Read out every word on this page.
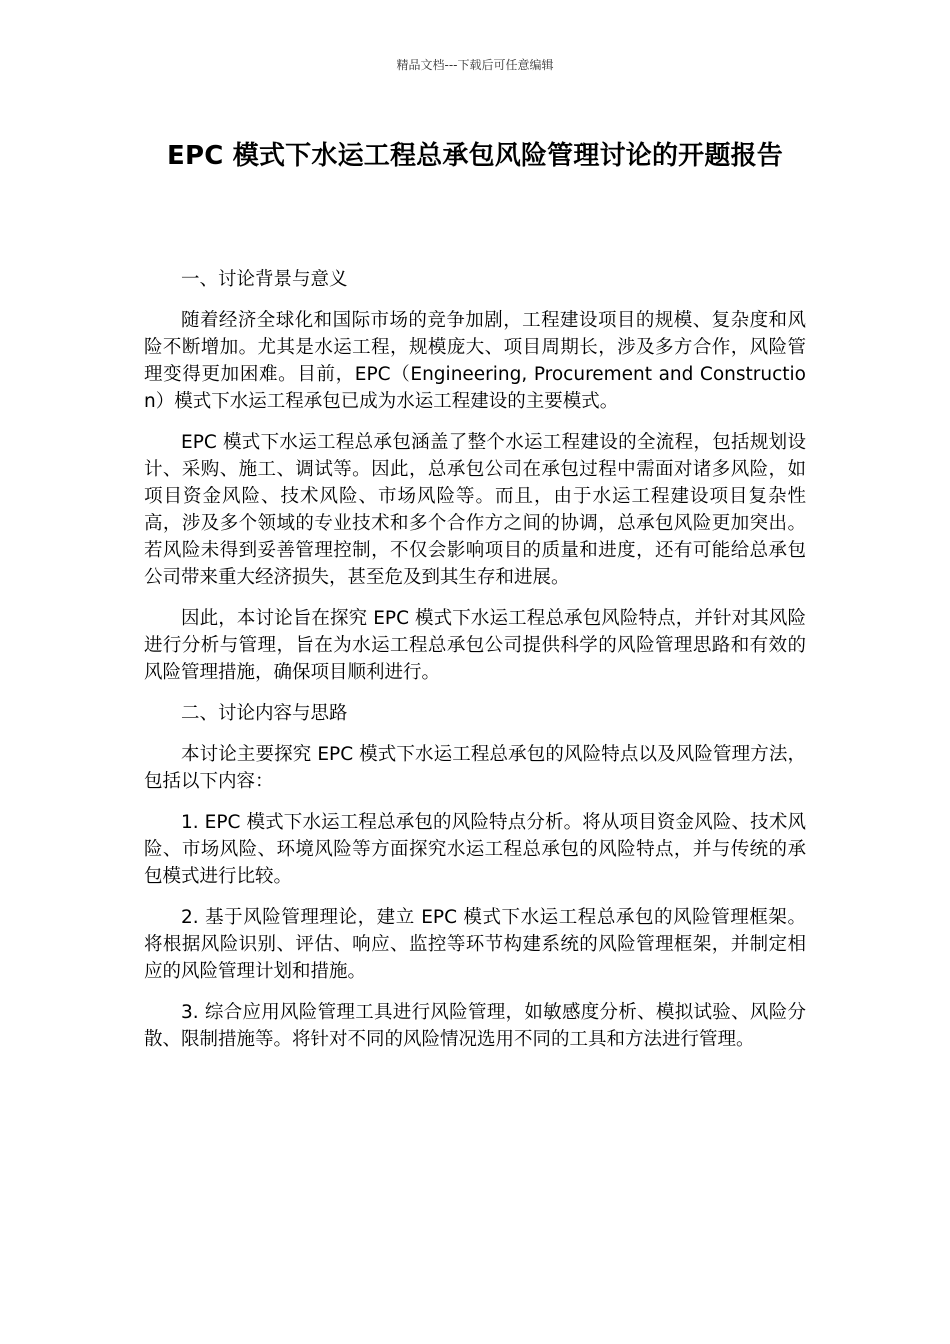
精品文档---下载后可任意编辑
EPC 模式下水运工程总承包风险管理讨论的开题报告

一、讨论背景与意义

随着经济全球化和国际市场的竞争加剧，工程建设项目的规模、复杂度和风险不断增加。尤其是水运工程，规模庞大、项目周期长，涉及多方合作，风险管理变得更加困难。目前，EPC（Engineering, Procurement and Construction）模式下水运工程承包已成为水运工程建设的主要模式。

EPC 模式下水运工程总承包涵盖了整个水运工程建设的全流程，包括规划设计、采购、施工、调试等。因此，总承包公司在承包过程中需面对诸多风险，如项目资金风险、技术风险、市场风险等。而且，由于水运工程建设项目复杂性高，涉及多个领域的专业技术和多个合作方之间的协调，总承包风险更加突出。若风险未得到妥善管理控制，不仅会影响项目的质量和进度，还有可能给总承包公司带来重大经济损失，甚至危及到其生存和进展。

因此，本讨论旨在探究 EPC 模式下水运工程总承包风险特点，并针对其风险进行分析与管理，旨在为水运工程总承包公司提供科学的风险管理思路和有效的风险管理措施，确保项目顺利进行。

二、讨论内容与思路

本讨论主要探究 EPC 模式下水运工程总承包的风险特点以及风险管理方法，包括以下内容：

1. EPC 模式下水运工程总承包的风险特点分析。将从项目资金风险、技术风险、市场风险、环境风险等方面探究水运工程总承包的风险特点，并与传统的承包模式进行比较。

2. 基于风险管理理论，建立 EPC 模式下水运工程总承包的风险管理框架。将根据风险识别、评估、响应、监控等环节构建系统的风险管理框架，并制定相应的风险管理计划和措施。

3. 综合应用风险管理工具进行风险管理，如敏感度分析、模拟试验、风险分散、限制措施等。将针对不同的风险情况选用不同的工具和方法进行管理。
